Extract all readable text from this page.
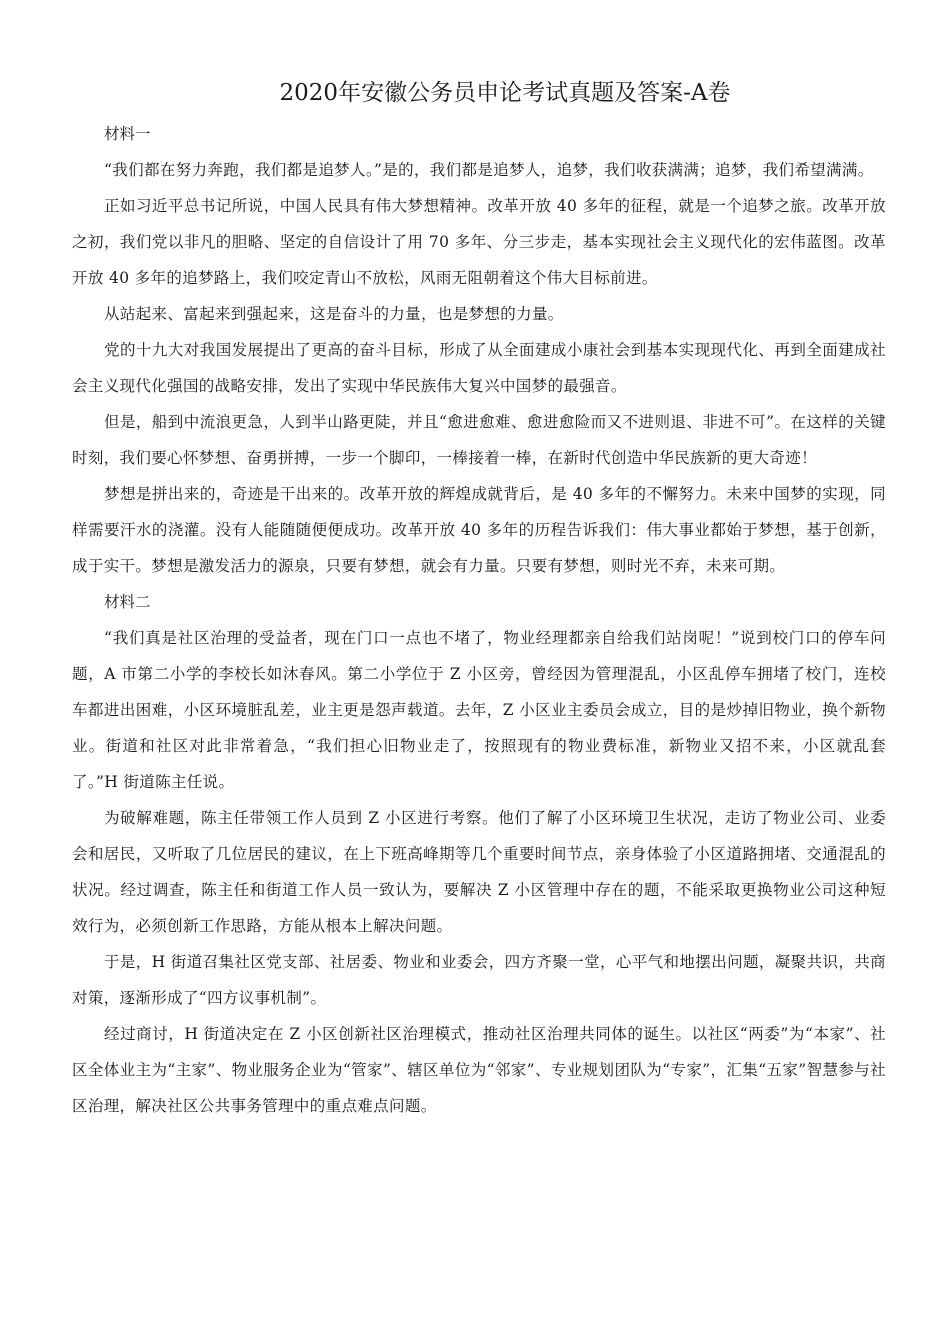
2020年安徽公务员申论考试真题及答案-A卷

材料一

“我们都在努力奔跑，我们都是追梦人。”是的，我们都是追梦人，追梦，我们收获满满；追梦，我们希望满满。

正如习近平总书记所说，中国人民具有伟大梦想精神。改革开放 40 多年的征程，就是一个追梦之旅。改革开放之初，我们党以非凡的胆略、坚定的自信设计了用 70 多年、分三步走，基本实现社会主义现代化的宏伟蓝图。改革开放 40 多年的追梦路上，我们咬定青山不放松，风雨无阻朝着这个伟大目标前进。

从站起来、富起来到强起来，这是奋斗的力量，也是梦想的力量。

党的十九大对我国发展提出了更高的奋斗目标，形成了从全面建成小康社会到基本实现现代化、再到全面建成社会主义现代化强国的战略安排，发出了实现中华民族伟大复兴中国梦的最强音。

但是，船到中流浪更急，人到半山路更陡，并且“愈进愈难、愈进愈险而又不进则退、非进不可”。在这样的关键时刻，我们要心怀梦想、奋勇拼搏，一步一个脚印，一棒接着一棒，在新时代创造中华民族新的更大奇迹！

梦想是拼出来的，奇迹是干出来的。改革开放的辉煌成就背后，是 40 多年的不懈努力。未来中国梦的实现，同样需要汗水的浇灌。没有人能随随便便成功。改革开放 40 多年的历程告诉我们：伟大事业都始于梦想，基于创新，成于实干。梦想是激发活力的源泉，只要有梦想，就会有力量。只要有梦想，则时光不弃，未来可期。

材料二

“我们真是社区治理的受益者，现在门口一点也不堵了，物业经理都亲自给我们站岗呢！”说到校门口的停车问题，A 市第二小学的李校长如沐春风。第二小学位于 Z 小区旁，曾经因为管理混乱，小区乱停车拥堵了校门，连校车都进出困难，小区环境脏乱差，业主更是怨声载道。去年，Z 小区业主委员会成立，目的是炒掉旧物业，换个新物业。街道和社区对此非常着急，“我们担心旧物业走了，按照现有的物业费标准，新物业又招不来，小区就乱套了。”H 街道陈主任说。

为破解难题，陈主任带领工作人员到 Z 小区进行考察。他们了解了小区环境卫生状况，走访了物业公司、业委会和居民，又听取了几位居民的建议，在上下班高峰期等几个重要时间节点，亲身体验了小区道路拥堵、交通混乱的状况。经过调查，陈主任和街道工作人员一致认为，要解决 Z 小区管理中存在的题，不能采取更换物业公司这种短效行为，必须创新工作思路，方能从根本上解决问题。

于是，H 街道召集社区党支部、社居委、物业和业委会，四方齐聚一堂，心平气和地摆出问题，凝聚共识，共商对策，逐渐形成了“四方议事机制”。

经过商讨，H 街道决定在 Z 小区创新社区治理模式，推动社区治理共同体的诞生。以社区“两委”为“本家”、社区全体业主为“主家”、物业服务企业为“管家”、辖区单位为“邻家”、专业规划团队为“专家”，汇集“五家”智慧参与社区治理，解决社区公共事务管理中的重点难点问题。
